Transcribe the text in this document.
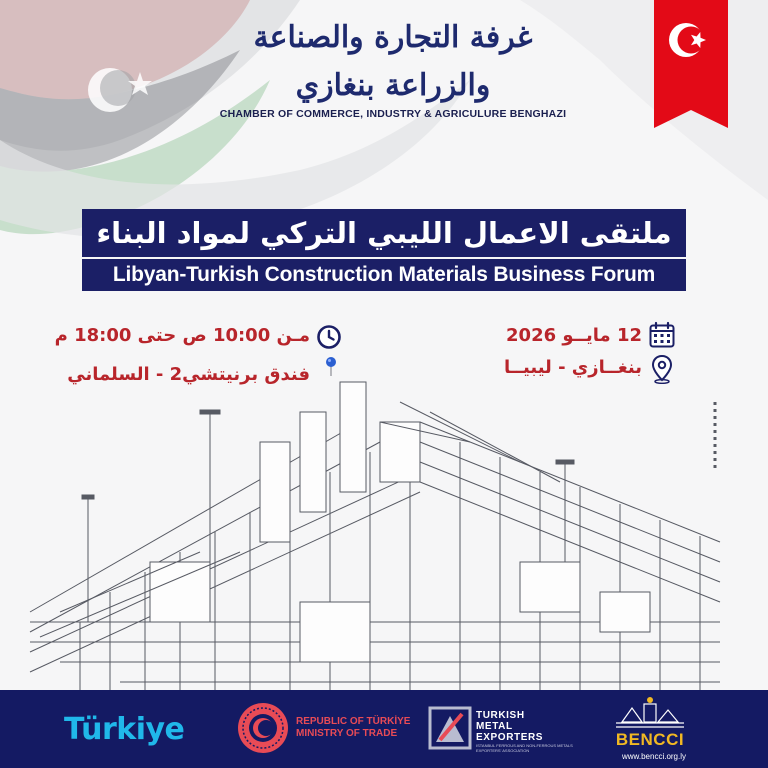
غرفة التجارة والصناعة والزراعة بنغازي
CHAMBER OF COMMERCE, INDUSTRY & AGRICULURE BENGHAZI
ملتقى الاعمال الليبي التركي لمواد البناء
Libyan-Turkish Construction Materials Business Forum
مـن 10:00 ص حتى 18:00 م
فندق برنيتشي2 - السلماني
12 مايــو 2026
بنغــازي - ليبيــا
Türkiye	REPUBLIC OF TÜRKİYE
MINISTRY OF TRADE
TURKISH
METAL
EXPORTERS
ISTANBUL FERROUS AND NON-FERROUS METALS EXPORTERS' ASSOCIATION
BENCCI
www.bencci.org.ly
